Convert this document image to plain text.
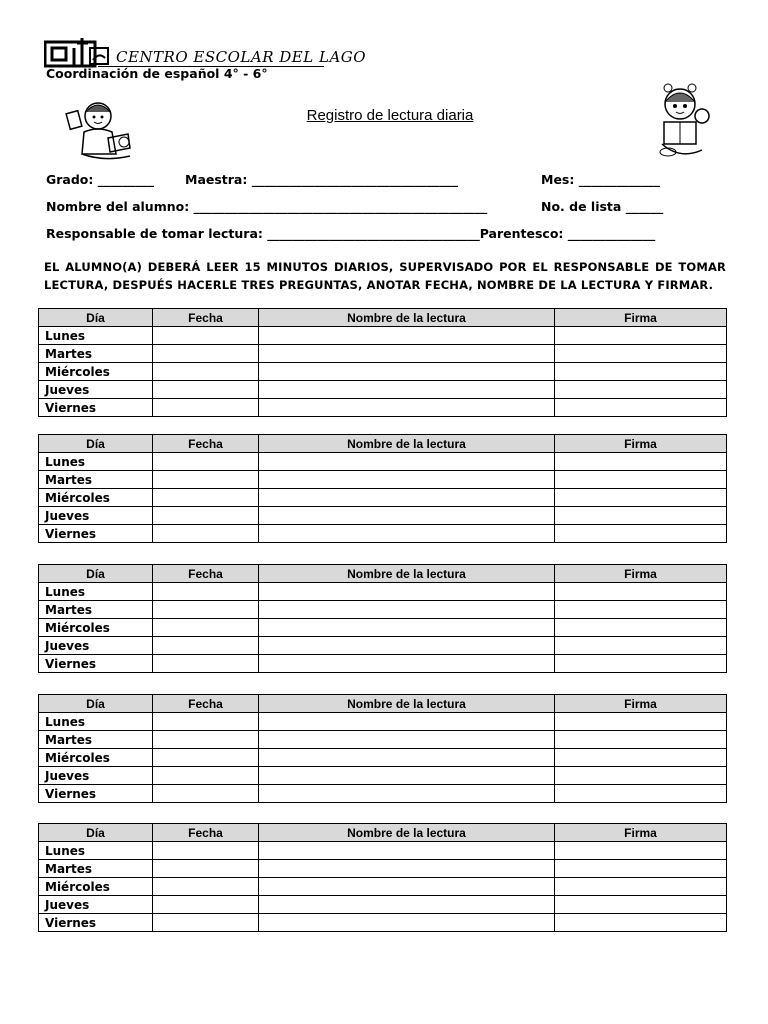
CENTRO ESCOLAR DEL LAGO
Coordinación de español 4° - 6°
Registro de lectura diaria
Grado: _________ Maestra: _________________________________	Mes: _____________
Nombre del alumno: _______________________________________________	No. de lista ______
Responsable de tomar lectura: __________________________________Parentesco: ______________
EL ALUMNO(A) DEBERÁ LEER 15 MINUTOS DIARIOS, SUPERVISADO POR EL RESPONSABLE DE TOMAR LECTURA, DESPUÉS HACERLE TRES PREGUNTAS, ANOTAR FECHA, NOMBRE DE LA LECTURA Y FIRMAR.
Día	Fecha	Nombre de la lectura	Firma
Lunes			
Martes			
Miércoles			
Jueves			
Viernes			
Día	Fecha	Nombre de la lectura	Firma
Lunes			
Martes			
Miércoles			
Jueves			
Viernes			
Día	Fecha	Nombre de la lectura	Firma
Lunes			
Martes			
Miércoles			
Jueves			
Viernes			
Día	Fecha	Nombre de la lectura	Firma
Lunes			
Martes			
Miércoles			
Jueves			
Viernes			
Día	Fecha	Nombre de la lectura	Firma
Lunes			
Martes			
Miércoles			
Jueves			
Viernes			
